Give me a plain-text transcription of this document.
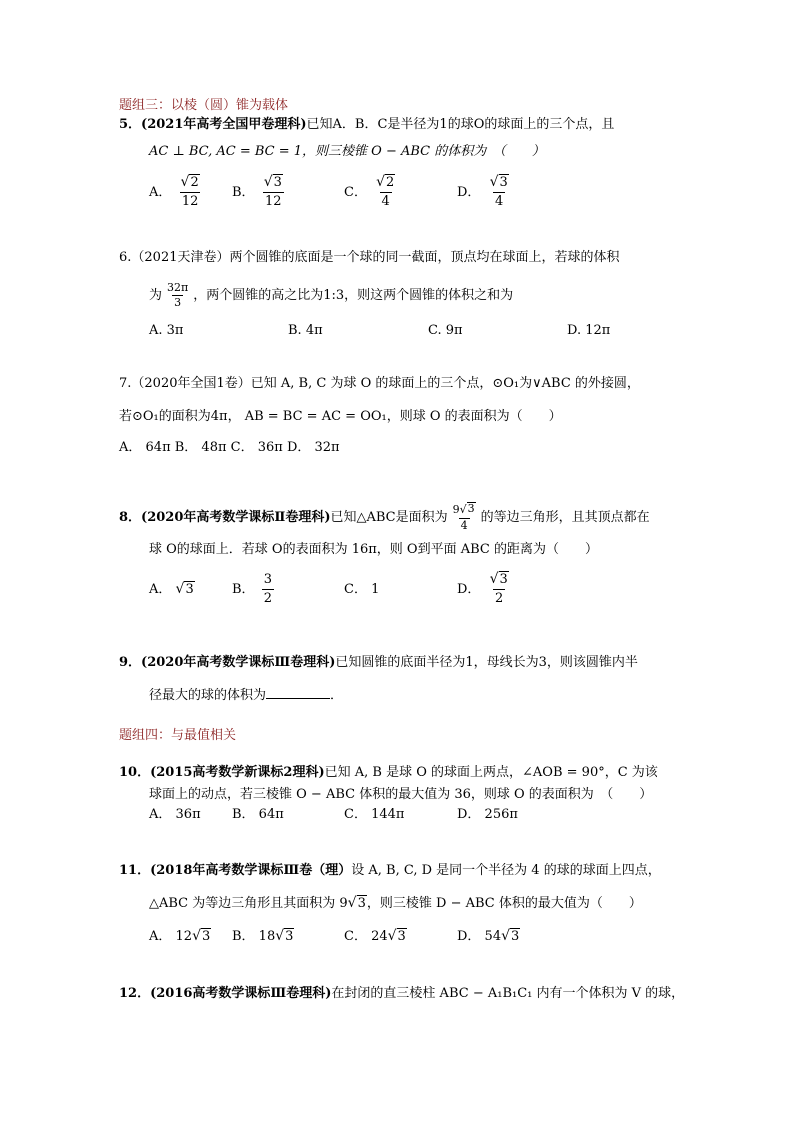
题组三：以棱（圆）锥为载体
5．(2021年高考全国甲卷理科)已知A．B．C是半径为1的球O的球面上的三个点，且
AC ⊥ BC, AC = BC = 1，则三棱锥 O − ABC 的体积为　（　　）
A． $\frac{√ 2}{12}$ B． $\frac{√ 3}{12}$	C． $\frac{√ 2}{4}$	D． $\frac{√ 3}{4}$
6.（2021天津卷）两个圆锥的底面是一个球的同一截面，顶点均在球面上，若球的体积
为 $\frac{32\pi}{3}$ ，两个圆锥的高之比为1:3，则这两个圆锥的体积之和为
A. 3π	B. 4π	C. 9π	D. 12π
7.（2020年全国1卷）已知 A, B, C 为球 O 的球面上的三个点，⊙O₁为∨ABC 的外接圆，
若⊙O₁的面积为4π， AB = BC = AC = OO₁，则球 O 的表面积为（　　）
A． 64π B． 48π C． 36π D． 32π
8．(2020年高考数学课标Ⅱ卷理科)已知△ABC是面积为 $\frac{9 √ 3}{4}$ 的等边三角形，且其顶点都在
球 O的球面上．若球 O的表面积为 16π，则 O到平面 ABC 的距离为（　　）
A． √ 3	B． $\frac{3}{2}$	C． 1	D． $\frac{√ 3}{2}$
9．(2020年高考数学课标Ⅲ卷理科)已知圆锥的底面半径为1，母线长为3，则该圆锥内半
径最大的球的体积为	．
题组四：与最值相关
10．(2015高考数学新课标2理科)已知 A, B 是球 O 的球面上两点，∠AOB = 90°，C 为该
球面上的动点，若三棱锥 O − ABC 体积的最大值为 36，则球 O 的表面积为　（　　）
A． 36π B． 64π	C． 144π	D． 256π
11．(2018年高考数学课标Ⅲ卷（理）设 A, B, C, D 是同一个半径为 4 的球的球面上四点，
△ABC 为等边三角形且其面积为 9 √ 3 ，则三棱锥 D − ABC 体积的最大值为（　　）
A． 12 √ 3 B． 18 √ 3	C． 24 √ 3	D． 54 √ 3
12．(2016高考数学课标Ⅲ卷理科)在封闭的直三棱柱 ABC − A₁B₁C₁ 内有一个体积为 V 的球，
